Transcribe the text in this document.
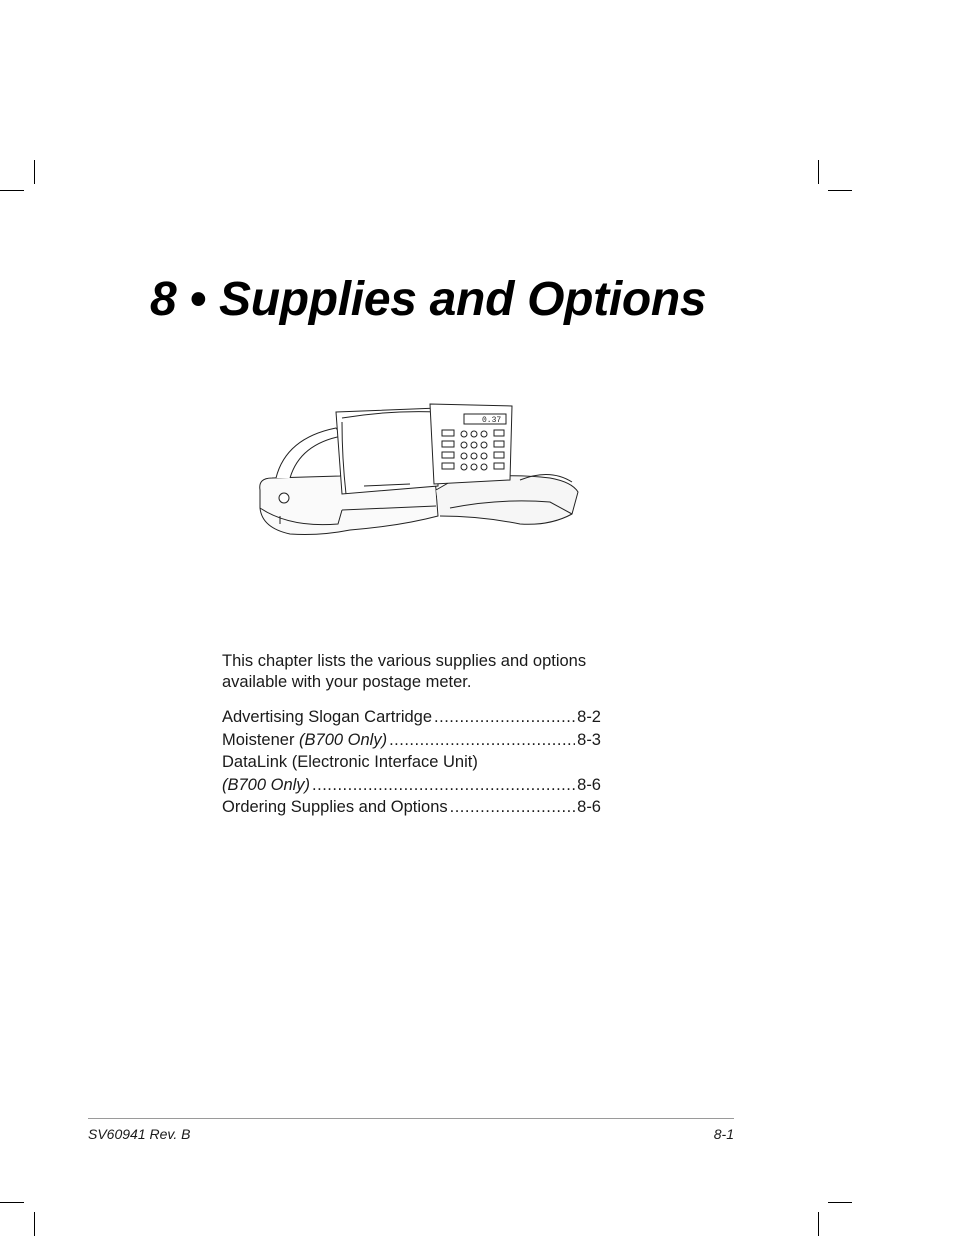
8 • Supplies and Options
0.37

This chapter lists the various supplies and options available with your postage meter.

Advertising Slogan Cartridge .....	8-2
Moistener (B700 Only) .....	8-3
DataLink (Electronic Interface Unit)
(B700 Only) .....	8-6
Ordering Supplies and Options .....	8-6
SV60941 Rev. B	8-1
